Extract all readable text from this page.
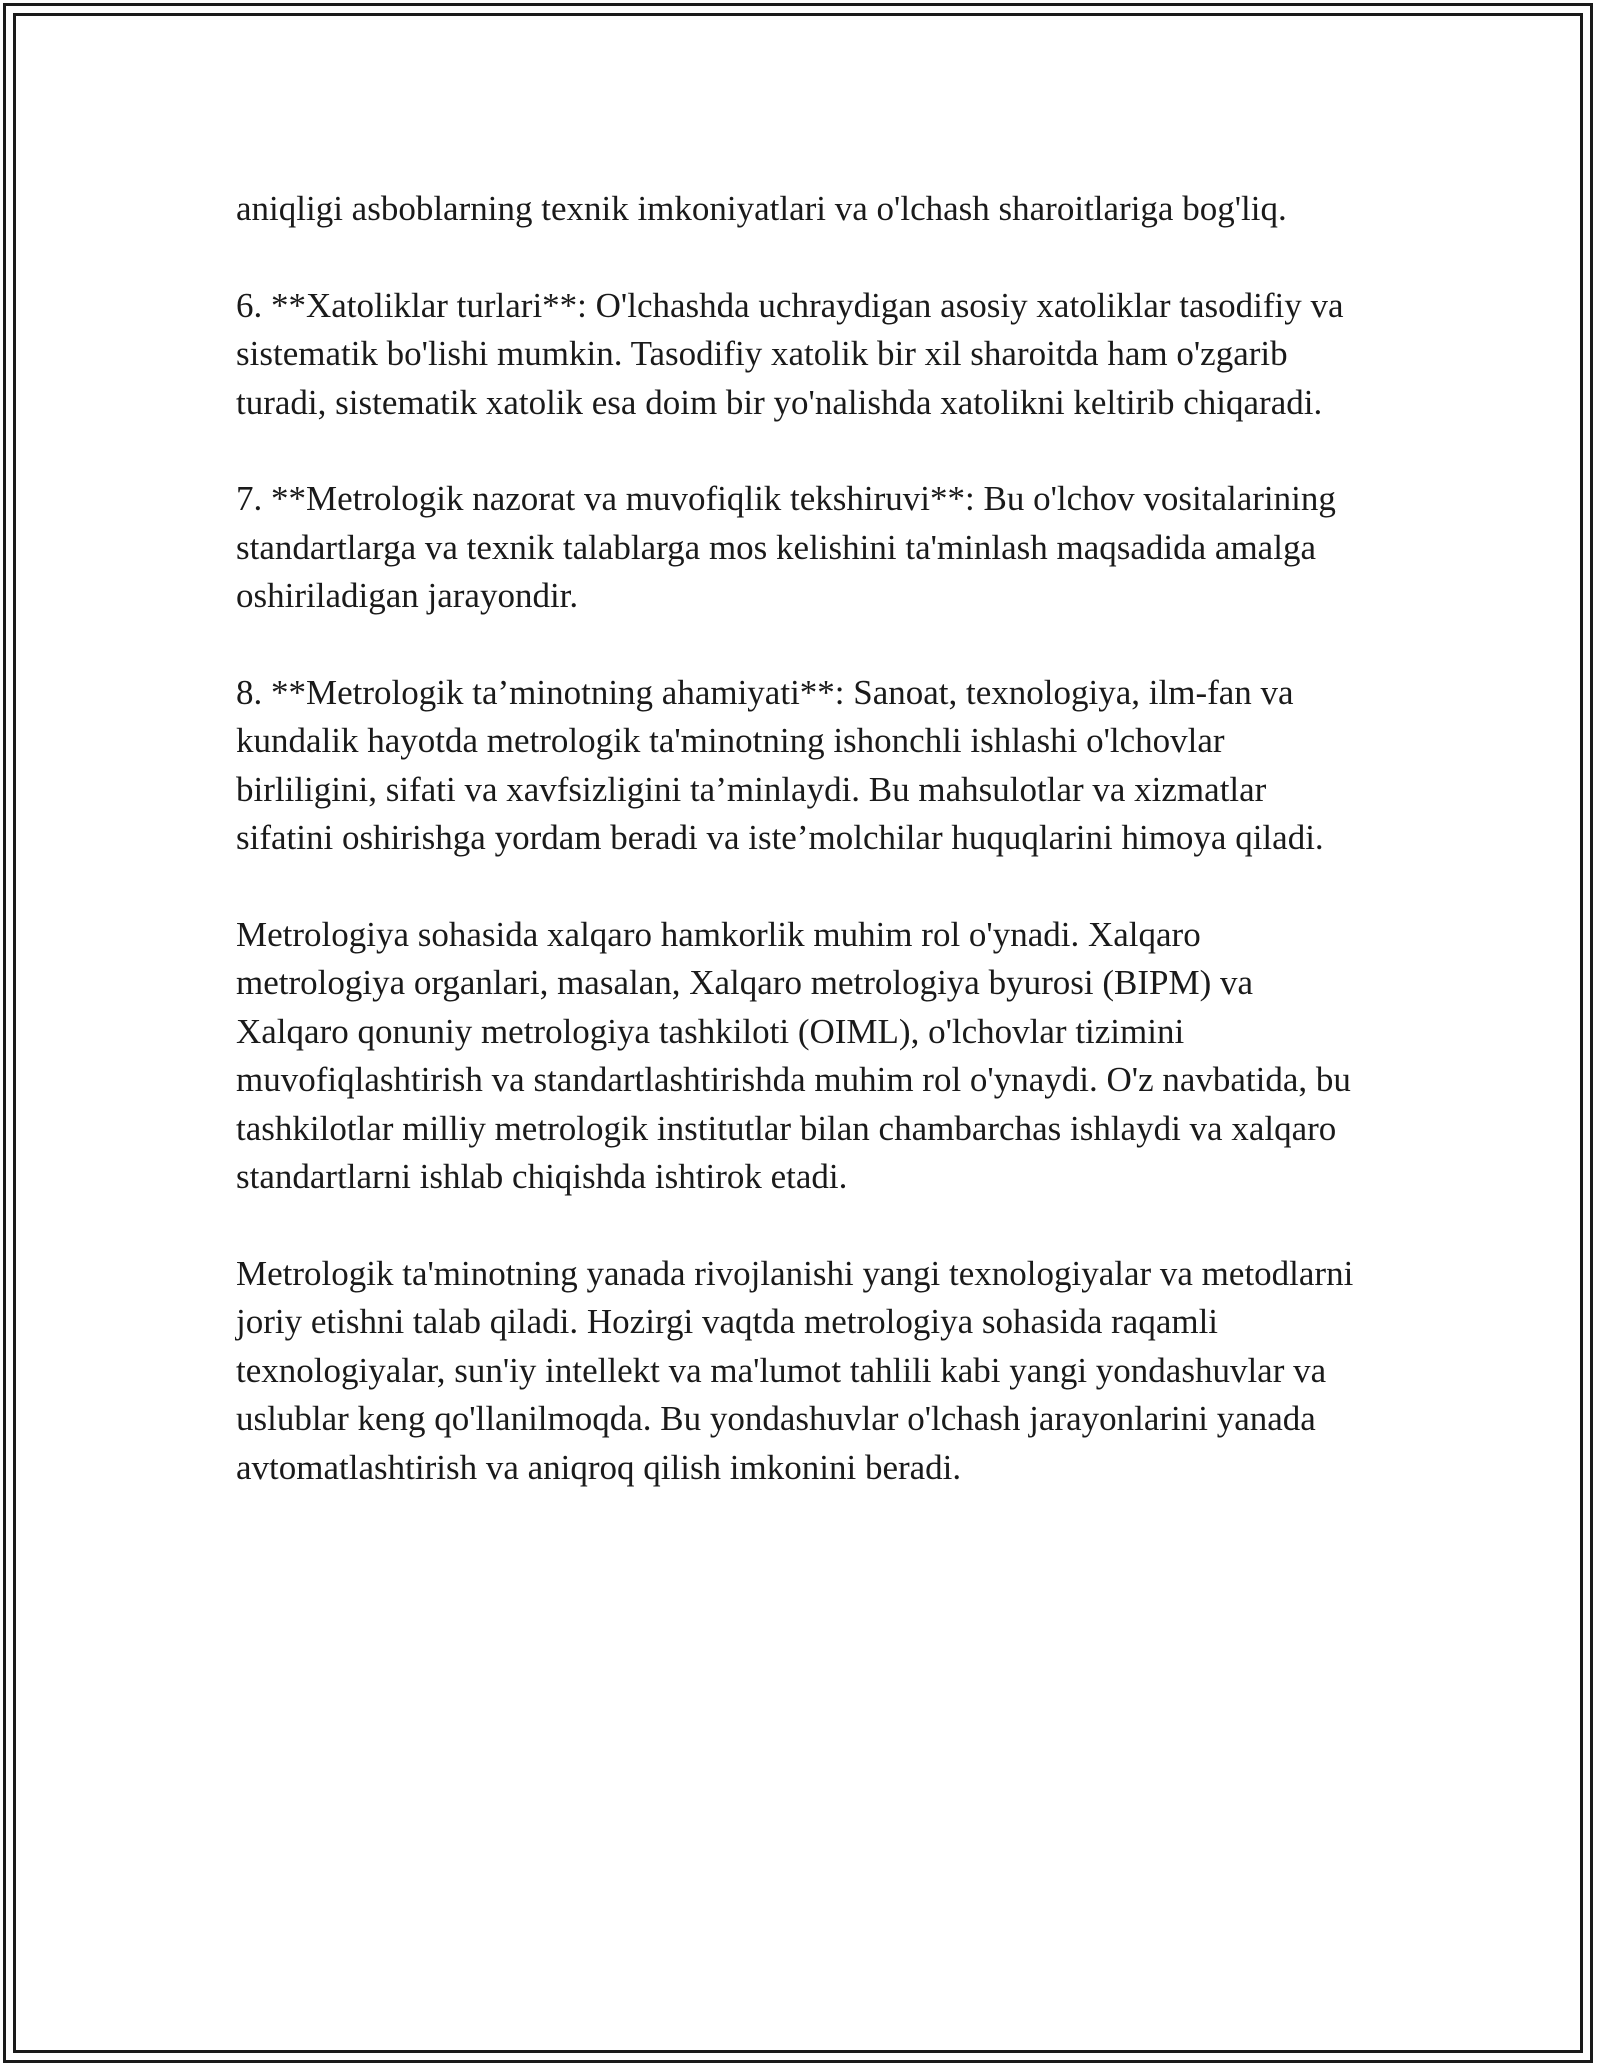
aniqligi asboblarning texnik imkoniyatlari va o'lchash sharoitlariga bog'liq.

6. **Xatoliklar turlari**: O'lchashda uchraydigan asosiy xatoliklar tasodifiy va sistematik bo'lishi mumkin. Tasodifiy xatolik bir xil sharoitda ham o'zgarib turadi, sistematik xatolik esa doim bir yo'nalishda xatolikni keltirib chiqaradi.

7. **Metrologik nazorat va muvofiqlik tekshiruvi**: Bu o'lchov vositalarining standartlarga va texnik talablarga mos kelishini ta'minlash maqsadida amalga oshiriladigan jarayondir.

8. **Metrologik ta’minotning ahamiyati**: Sanoat, texnologiya, ilm-fan va kundalik hayotda metrologik ta'minotning ishonchli ishlashi o'lchovlar birliligini, sifati va xavfsizligini ta’minlaydi. Bu mahsulotlar va xizmatlar sifatini oshirishga yordam beradi va iste’molchilar huquqlarini himoya qiladi.

Metrologiya sohasida xalqaro hamkorlik muhim rol o'ynadi. Xalqaro metrologiya organlari, masalan, Xalqaro metrologiya byurosi (BIPM) va Xalqaro qonuniy metrologiya tashkiloti (OIML), o'lchovlar tizimini muvofiqlashtirish va standartlashtirishda muhim rol o'ynaydi. O'z navbatida, bu tashkilotlar milliy metrologik institutlar bilan chambarchas ishlaydi va xalqaro standartlarni ishlab chiqishda ishtirok etadi.

Metrologik ta'minotning yanada rivojlanishi yangi texnologiyalar va metodlarni joriy etishni talab qiladi. Hozirgi vaqtda metrologiya sohasida raqamli texnologiyalar, sun'iy intellekt va ma'lumot tahlili kabi yangi yondashuvlar va uslublar keng qo'llanilmoqda. Bu yondashuvlar o'lchash jarayonlarini yanada avtomatlashtirish va aniqroq qilish imkonini beradi.
